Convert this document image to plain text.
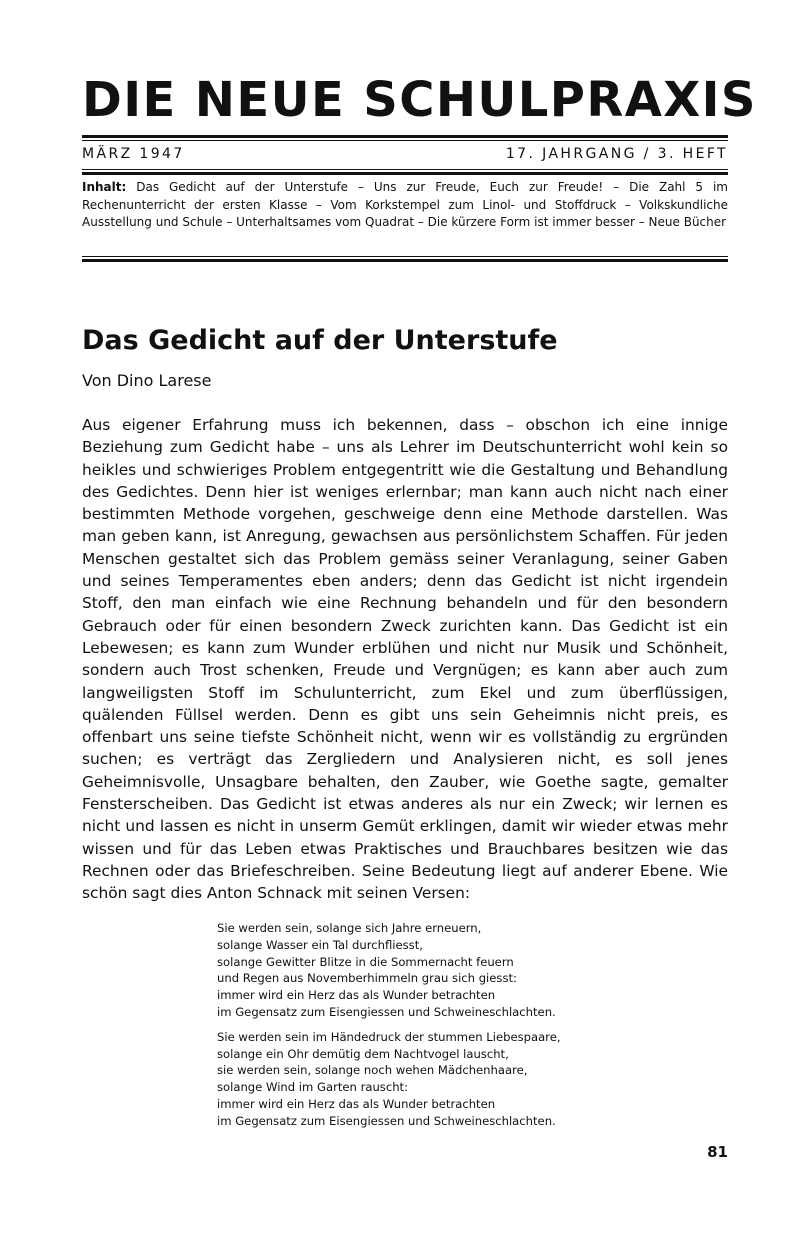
DIE NEUE SCHULPRAXIS
MÄRZ 1947	17. JAHRGANG / 3. HEFT
Inhalt: Das Gedicht auf der Unterstufe – Uns zur Freude, Euch zur Freude! – Die Zahl 5 im Rechenunterricht der ersten Klasse – Vom Korkstempel zum Linol- und Stoffdruck – Volkskundliche Ausstellung und Schule – Unterhaltsames vom Quadrat – Die kürzere Form ist immer besser – Neue Bücher
Das Gedicht auf der Unterstufe
Von Dino Larese
Aus eigener Erfahrung muss ich bekennen, dass – obschon ich eine innige Beziehung zum Gedicht habe – uns als Lehrer im Deutschunterricht wohl kein so heikles und schwieriges Problem entgegentritt wie die Gestaltung und Behandlung des Gedichtes. Denn hier ist weniges erlernbar; man kann auch nicht nach einer bestimmten Methode vorgehen, geschweige denn eine Methode darstellen. Was man geben kann, ist Anregung, gewachsen aus persönlichstem Schaffen. Für jeden Menschen gestaltet sich das Problem gemäss seiner Veranlagung, seiner Gaben und seines Temperamentes eben anders; denn das Gedicht ist nicht irgendein Stoff, den man einfach wie eine Rechnung behandeln und für den besondern Gebrauch oder für einen besondern Zweck zurichten kann. Das Gedicht ist ein Lebewesen; es kann zum Wunder erblühen und nicht nur Musik und Schönheit, sondern auch Trost schenken, Freude und Vergnügen; es kann aber auch zum langweiligsten Stoff im Schulunterricht, zum Ekel und zum überflüssigen, quälenden Füllsel werden. Denn es gibt uns sein Geheimnis nicht preis, es offenbart uns seine tiefste Schönheit nicht, wenn wir es vollständig zu ergründen suchen; es verträgt das Zergliedern und Analysieren nicht, es soll jenes Geheimnisvolle, Unsagbare behalten, den Zauber, wie Goethe sagte, gemalter Fensterscheiben. Das Gedicht ist etwas anderes als nur ein Zweck; wir lernen es nicht und lassen es nicht in unserm Gemüt erklingen, damit wir wieder etwas mehr wissen und für das Leben etwas Praktisches und Brauchbares besitzen wie das Rechnen oder das Briefeschreiben. Seine Bedeutung liegt auf anderer Ebene. Wie schön sagt dies Anton Schnack mit seinen Versen:
Sie werden sein, solange sich Jahre erneuern,
solange Wasser ein Tal durchfliesst,
solange Gewitter Blitze in die Sommernacht feuern
und Regen aus Novemberhimmeln grau sich giesst:
immer wird ein Herz das als Wunder betrachten
im Gegensatz zum Eisengiessen und Schweineschlachten.
Sie werden sein im Händedruck der stummen Liebespaare,
solange ein Ohr demütig dem Nachtvogel lauscht,
sie werden sein, solange noch wehen Mädchenhaare,
solange Wind im Garten rauscht:
immer wird ein Herz das als Wunder betrachten
im Gegensatz zum Eisengiessen und Schweineschlachten.
81
